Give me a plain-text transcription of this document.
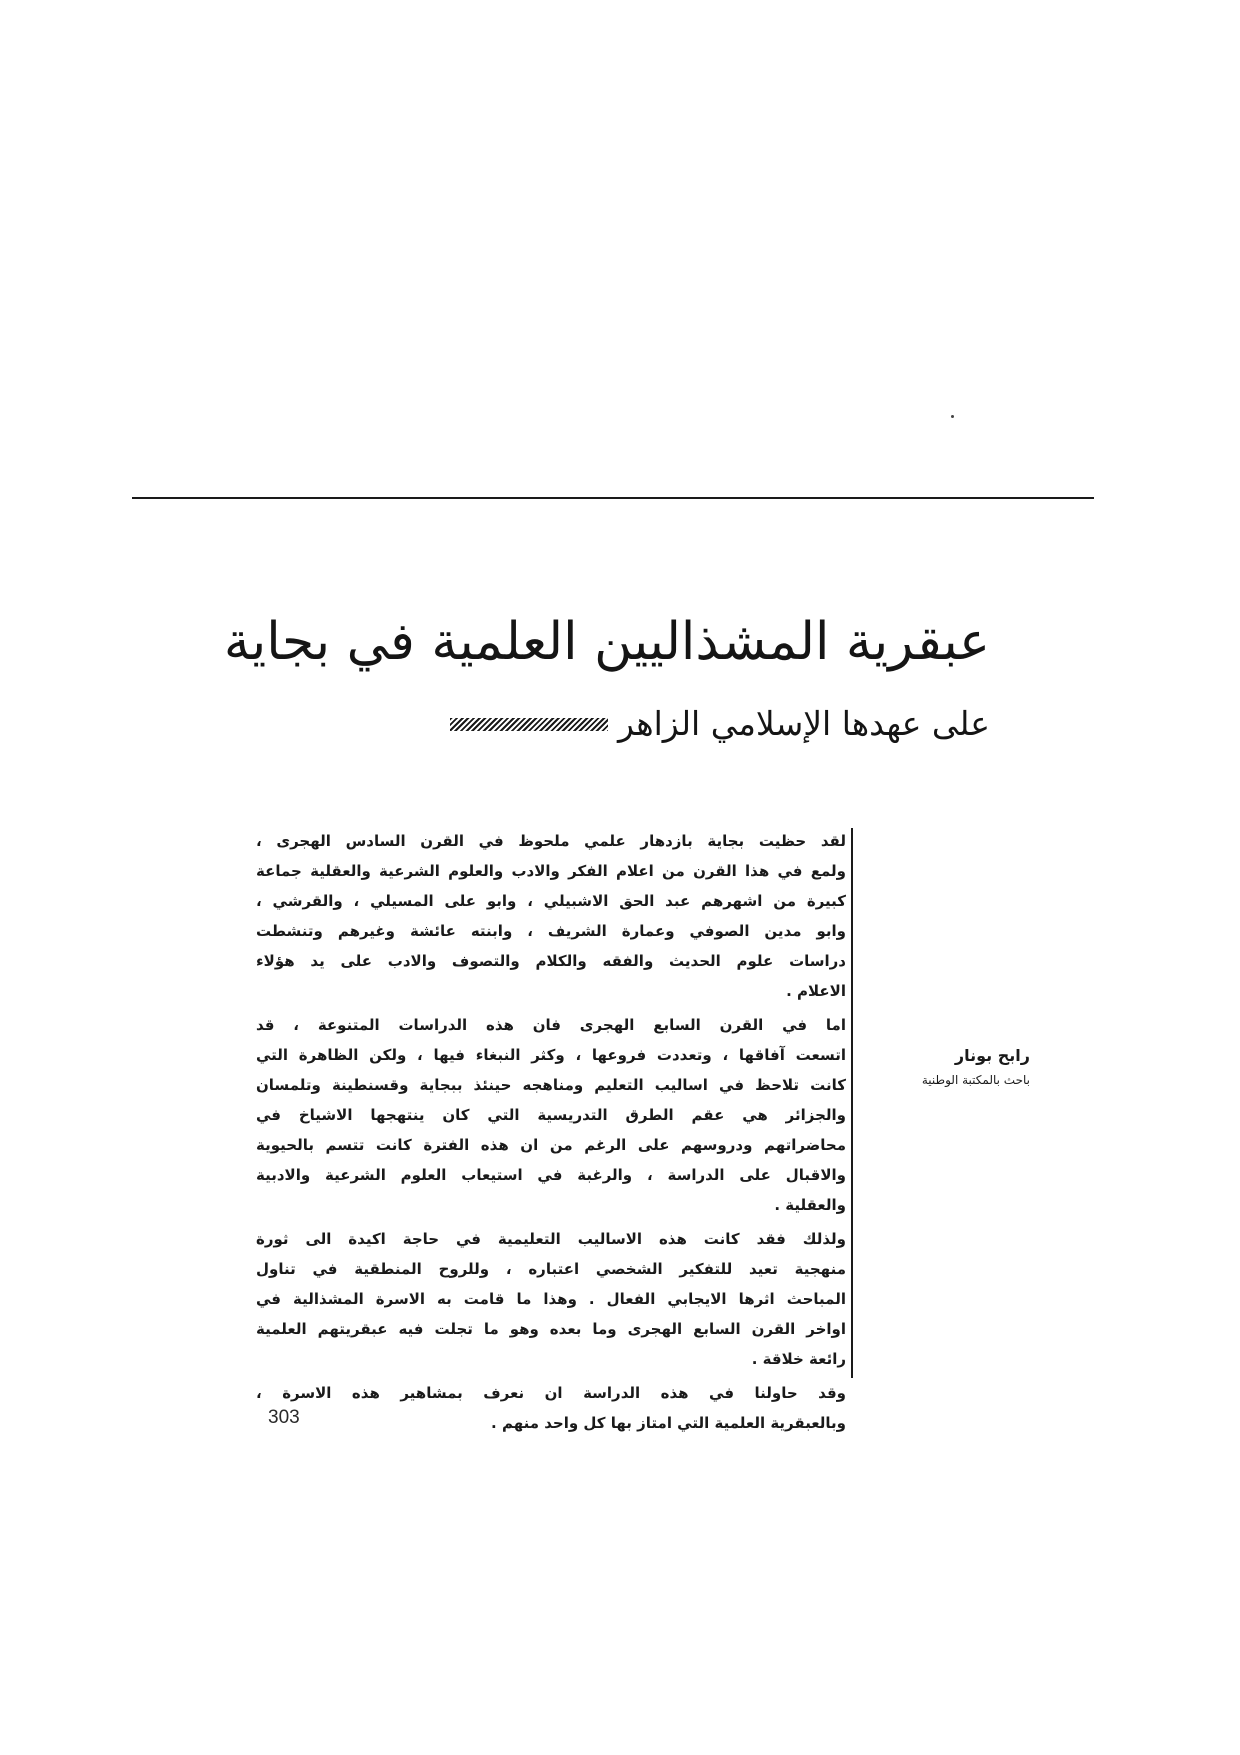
عبقرية المشذاليين العلمية في بجاية
على عهدها الإسلامي الزاهر
رابح بونار
باحث بالمكتبة الوطنية
لقد حظيت بجاية بازدهار علمي ملحوظ في القرن السادس الهجرى ،
ولمع في هذا القرن من اعلام الفكر والادب والعلوم الشرعية والعقلية جماعة
كبيرة من اشهرهم عبد الحق الاشبيلي ، وابو على المسيلي ، والقرشي ،
وابو مدين الصوفي وعمارة الشريف ، وابنته عائشة وغيرهم وتنشطت
دراسات علوم الحديث والفقه والكلام والتصوف والادب على يد هؤلاء
الاعلام .
اما في القرن السابع الهجرى فان هذه الدراسات المتنوعة ، قد
اتسعت آفاقها ، وتعددت فروعها ، وكثر النبغاء فيها ، ولكن الظاهرة التي
كانت تلاحظ في اساليب التعليم ومناهجه حينئذ ببجاية وقسنطينة وتلمسان
والجزائر هي عقم الطرق التدريسية التي كان ينتهجها الاشياخ في
محاضراتهم ودروسهم على الرغم من ان هذه الفترة كانت تتسم بالحيوية
والاقبال على الدراسة ، والرغبة في استيعاب العلوم الشرعية والادبية
والعقلية .
ولذلك فقد كانت هذه الاساليب التعليمية في حاجة اكيدة الى ثورة
منهجية تعيد للتفكير الشخصي اعتباره ، وللروح المنطقية في تناول
المباحث اثرها الايجابي الفعال . وهذا ما قامت به الاسرة المشذالية في
اواخر القرن السابع الهجرى وما بعده وهو ما تجلت فيه عبقريتهم العلمية
رائعة خلاقة .
وقد حاولنا في هذه الدراسة ان نعرف بمشاهير هذه الاسرة ،
وبالعبقرية العلمية التي امتاز بها كل واحد منهم .
303
